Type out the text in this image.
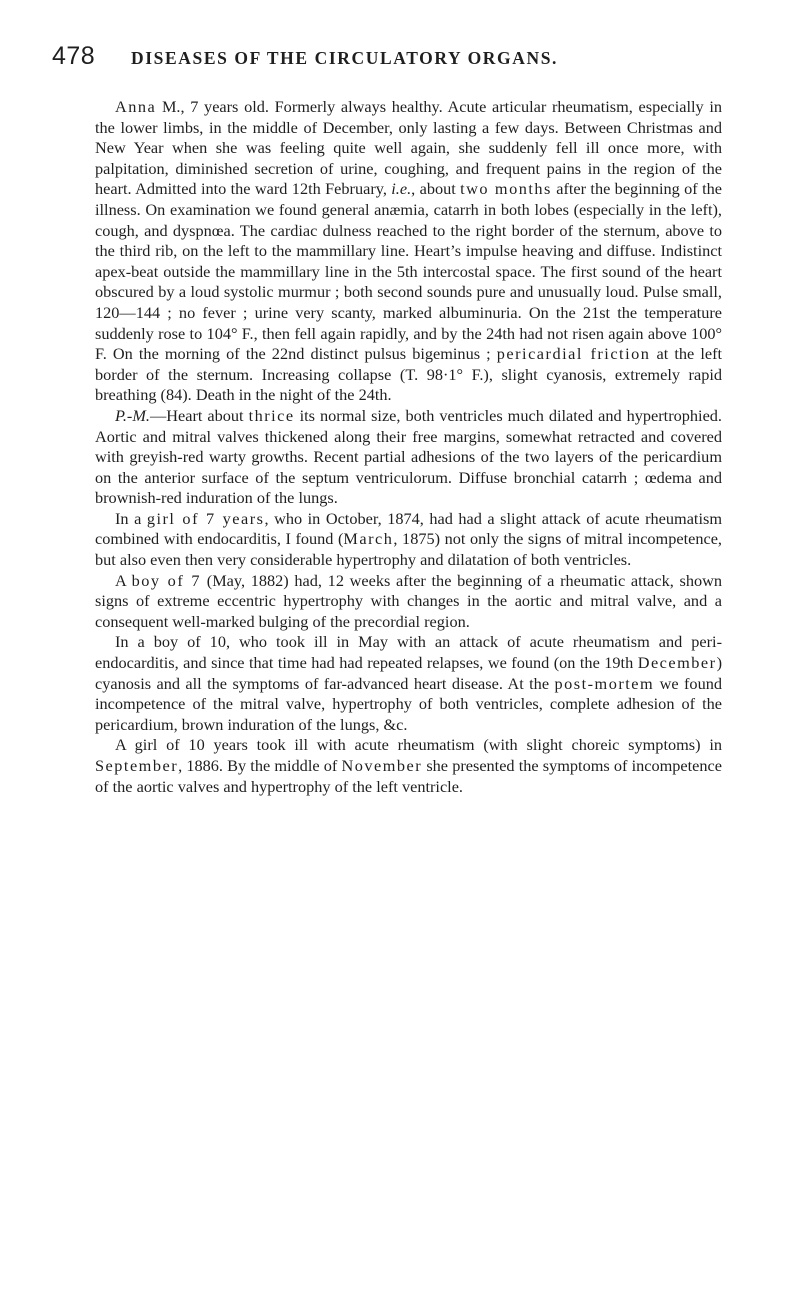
478 DISEASES OF THE CIRCULATORY ORGANS.

Anna M., 7 years old. Formerly always healthy. Acute articular rheumatism, especially in the lower limbs, in the middle of December, only lasting a few days. Between Christmas and New Year when she was feeling quite well again, she suddenly fell ill once more, with palpitation, diminished secretion of urine, coughing, and frequent pains in the region of the heart. Admitted into the ward 12th February, i.e., about two months after the beginning of the illness. On examination we found general anæmia, catarrh in both lobes (especially in the left), cough, and dyspnœa. The cardiac dulness reached to the right border of the sternum, above to the third rib, on the left to the mammillary line. Heart’s impulse heaving and diffuse. Indistinct apex-beat outside the mammillary line in the 5th intercostal space. The first sound of the heart obscured by a loud systolic murmur ; both second sounds pure and unusually loud. Pulse small, 120—144 ; no fever ; urine very scanty, marked albuminuria. On the 21st the temperature suddenly rose to 104° F., then fell again rapidly, and by the 24th had not risen again above 100° F. On the morning of the 22nd distinct pulsus bigeminus ; pericardial friction at the left border of the sternum. Increasing collapse (T. 98·1° F.), slight cyanosis, extremely rapid breathing (84). Death in the night of the 24th.

P.-M.—Heart about thrice its normal size, both ventricles much dilated and hypertrophied. Aortic and mitral valves thickened along their free margins, somewhat retracted and covered with greyish-red warty growths. Recent partial adhesions of the two layers of the pericardium on the anterior surface of the septum ventriculorum. Diffuse bronchial catarrh ; œdema and brownish-red induration of the lungs.

In a girl of 7 years, who in October, 1874, had had a slight attack of acute rheumatism combined with endocarditis, I found (March, 1875) not only the signs of mitral incompetence, but also even then very considerable hypertrophy and dilatation of both ventricles.

A boy of 7 (May, 1882) had, 12 weeks after the beginning of a rheumatic attack, shown signs of extreme eccentric hypertrophy with changes in the aortic and mitral valve, and a consequent well-marked bulging of the precordial region.

In a boy of 10, who took ill in May with an attack of acute rheumatism and peri-endocarditis, and since that time had had repeated relapses, we found (on the 19th December) cyanosis and all the symptoms of far-advanced heart disease. At the post-mortem we found incompetence of the mitral valve, hypertrophy of both ventricles, complete adhesion of the pericardium, brown induration of the lungs, &c.

A girl of 10 years took ill with acute rheumatism (with slight choreic symptoms) in September, 1886. By the middle of November she presented the symptoms of incompetence of the aortic valves and hypertrophy of the left ventricle.
